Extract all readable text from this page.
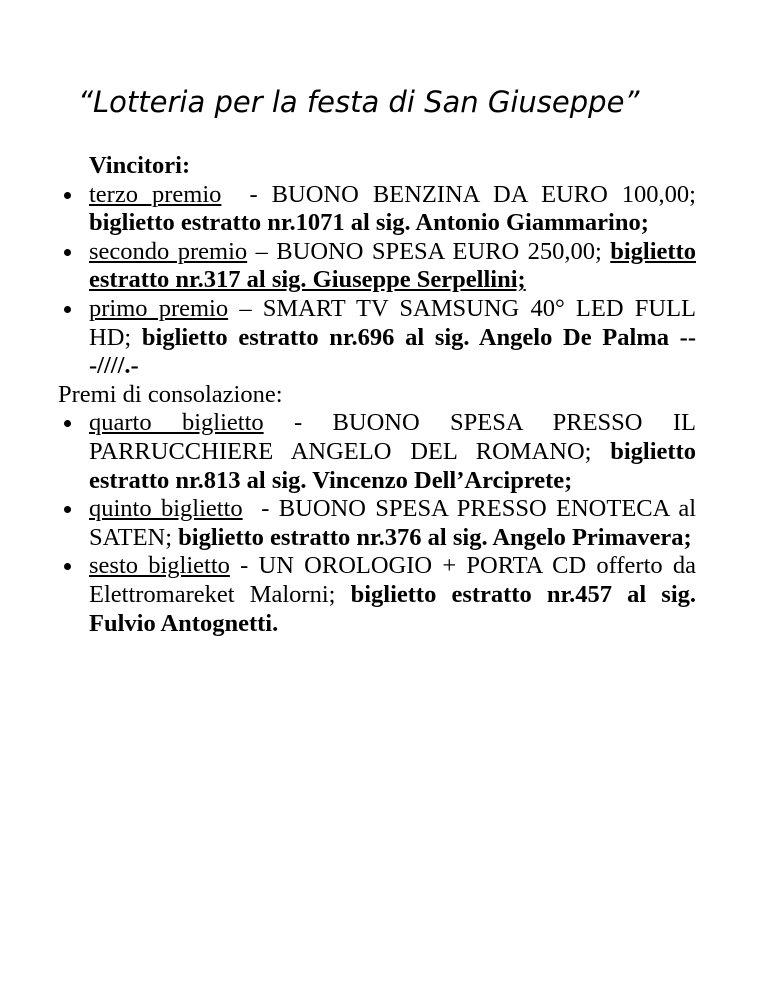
“Lotteria per la festa di San Giuseppe”
Vincitori:
terzo premio  - BUONO BENZINA DA EURO 100,00; biglietto estratto nr.1071 al sig. Antonio Giammarino;
secondo premio – BUONO SPESA EURO 250,00; biglietto estratto nr.317 al sig. Giuseppe Serpellini;
primo premio – SMART TV SAMSUNG 40° LED FULL HD; biglietto estratto nr.696 al sig. Angelo De Palma ---////.-
Premi di consolazione:
quarto biglietto - BUONO SPESA PRESSO IL PARRUCCHIERE ANGELO DEL ROMANO; biglietto estratto nr.813 al sig. Vincenzo Dell’Arciprete;
quinto biglietto  - BUONO SPESA PRESSO ENOTECA al SATEN; biglietto estratto nr.376 al sig. Angelo Primavera;
sesto biglietto - UN OROLOGIO + PORTA CD offerto da Elettromareket Malorni; biglietto estratto nr.457 al sig. Fulvio Antognetti.
